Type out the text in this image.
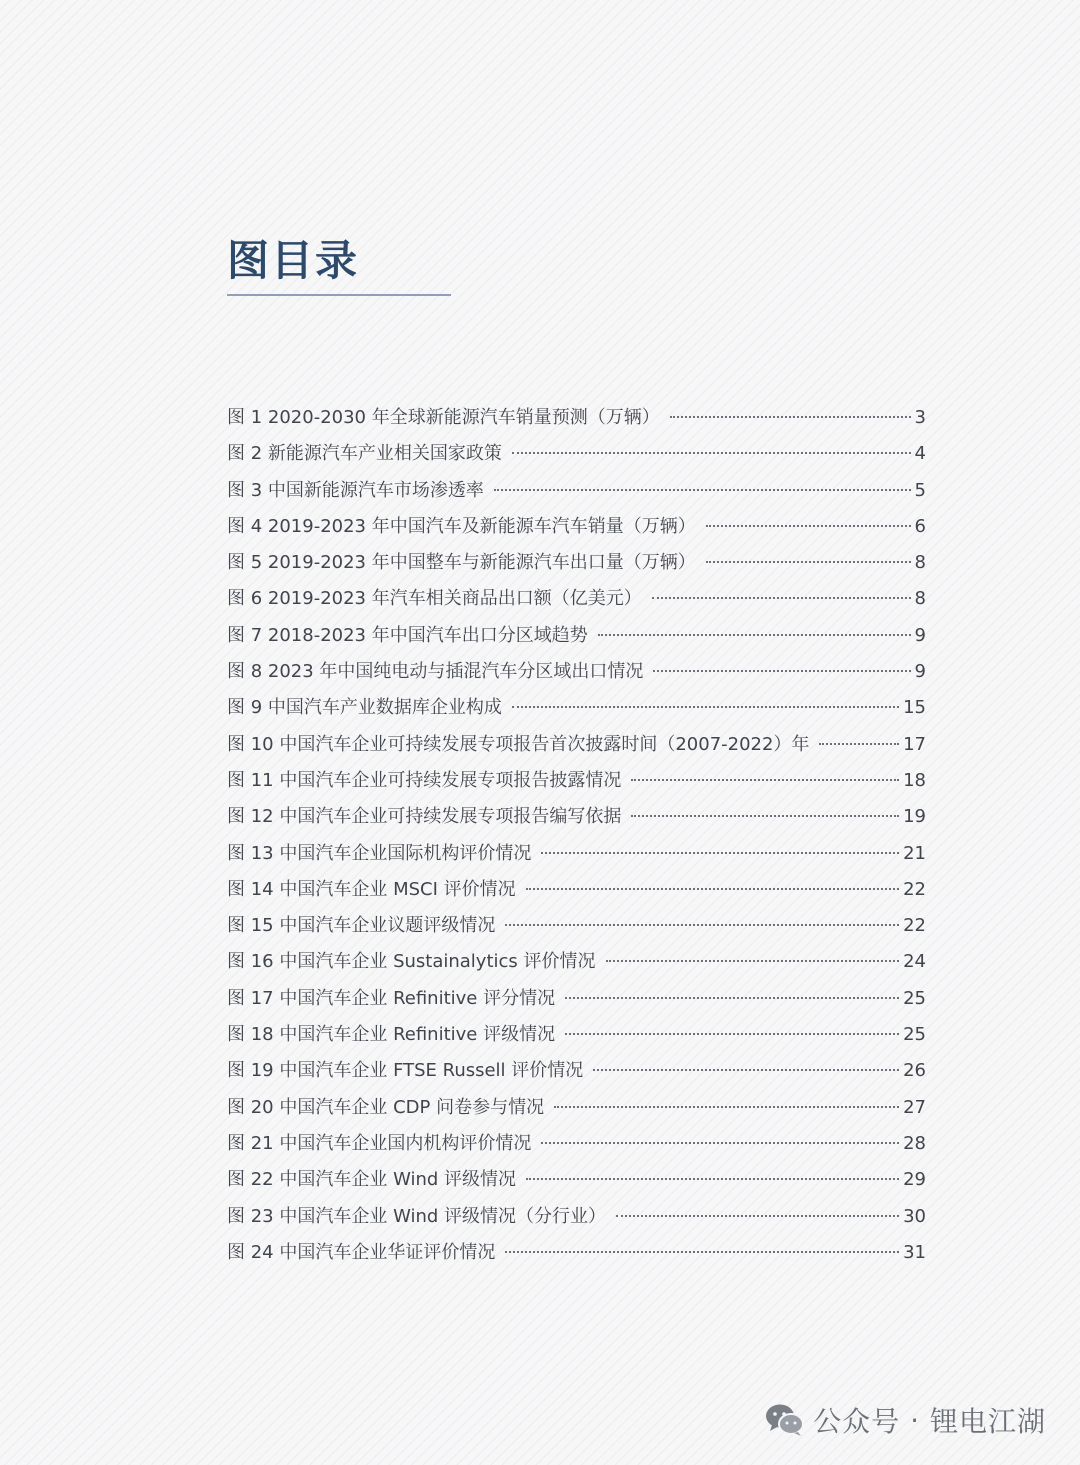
图目录
图 1 2020-2030 年全球新能源汽车销量预测（万辆）	3
图 2 新能源汽车产业相关国家政策	4
图 3 中国新能源汽车市场渗透率	5
图 4 2019-2023 年中国汽车及新能源车汽车销量（万辆）	6
图 5 2019-2023 年中国整车与新能源汽车出口量（万辆）	8
图 6 2019-2023 年汽车相关商品出口额（亿美元）	8
图 7 2018-2023 年中国汽车出口分区域趋势	9
图 8 2023 年中国纯电动与插混汽车分区域出口情况	9
图 9 中国汽车产业数据库企业构成	15
图 10 中国汽车企业可持续发展专项报告首次披露时间（2007-2022）年	17
图 11 中国汽车企业可持续发展专项报告披露情况	18
图 12 中国汽车企业可持续发展专项报告编写依据	19
图 13 中国汽车企业国际机构评价情况	21
图 14 中国汽车企业 MSCI 评价情况	22
图 15 中国汽车企业议题评级情况	22
图 16 中国汽车企业 Sustainalytics 评价情况	24
图 17 中国汽车企业 Refinitive 评分情况	25
图 18 中国汽车企业 Refinitive 评级情况	25
图 19 中国汽车企业 FTSE Russell 评价情况	26
图 20 中国汽车企业 CDP 问卷参与情况	27
图 21 中国汽车企业国内机构评价情况	28
图 22 中国汽车企业 Wind 评级情况	29
图 23 中国汽车企业 Wind 评级情况（分行业）	30
图 24 中国汽车企业华证评价情况	31
公众号 · 锂电江湖
